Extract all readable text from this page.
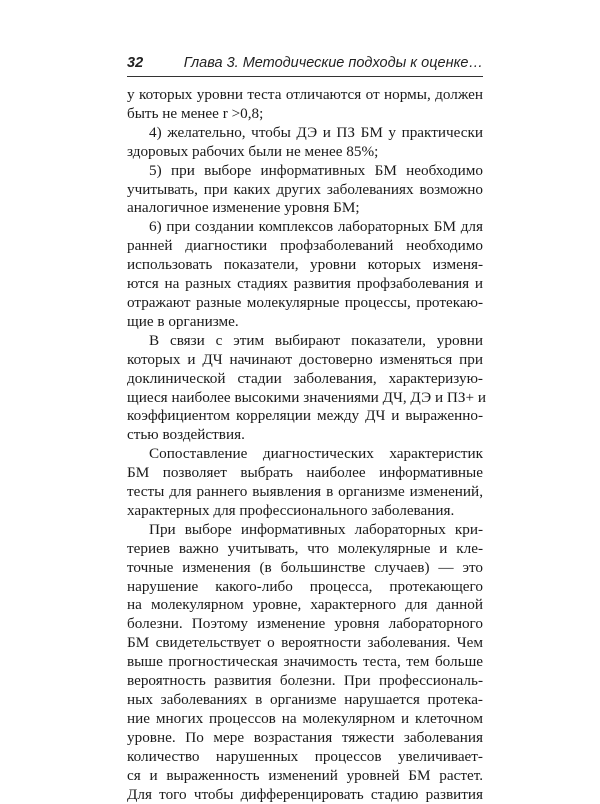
32	Глава 3. Методические подходы к оценке…
у которых уровни теста отличаются от нормы, должен
быть не менее r >0,8;
4) желательно, чтобы ДЭ и ПЗ БМ у практически
здоровых рабочих были не менее 85%;
5) при выборе информативных БМ необходимо
учитывать, при каких других заболеваниях возможно
аналогичное изменение уровня БМ;
6) при создании комплексов лабораторных БМ для
ранней диагностики профзаболеваний необходимо
использовать показатели, уровни которых изменя-
ются на разных стадиях развития профзаболевания и
отражают разные молекулярные процессы, протекаю-
щие в организме.
В связи с этим выбирают показатели, уровни
которых и ДЧ начинают достоверно изменяться при
доклинической стадии заболевания, характеризую-
щиеся наиболее высокими значениями ДЧ, ДЭ и ПЗ+ и
коэффициентом корреляции между ДЧ и выраженно-
стью воздействия.
Сопоставление диагностических характеристик
БМ позволяет выбрать наиболее информативные
тесты для раннего выявления в организме изменений,
характерных для профессионального заболевания.
При выборе информативных лабораторных кри-
териев важно учитывать, что молекулярные и кле-
точные изменения (в большинстве случаев) — это
нарушение какого-либо процесса, протекающего
на молекулярном уровне, характерного для данной
болезни. Поэтому изменение уровня лабораторного
БМ свидетельствует о вероятности заболевания. Чем
выше прогностическая значимость теста, тем больше
вероятность развития болезни. При профессиональ-
ных заболеваниях в организме нарушается протека-
ние многих процессов на молекулярном и клеточном
уровне. По мере возрастания тяжести заболевания
количество нарушенных процессов увеличивает-
ся и выраженность изменений уровней БМ растет.
Для того чтобы дифференцировать стадию развития
